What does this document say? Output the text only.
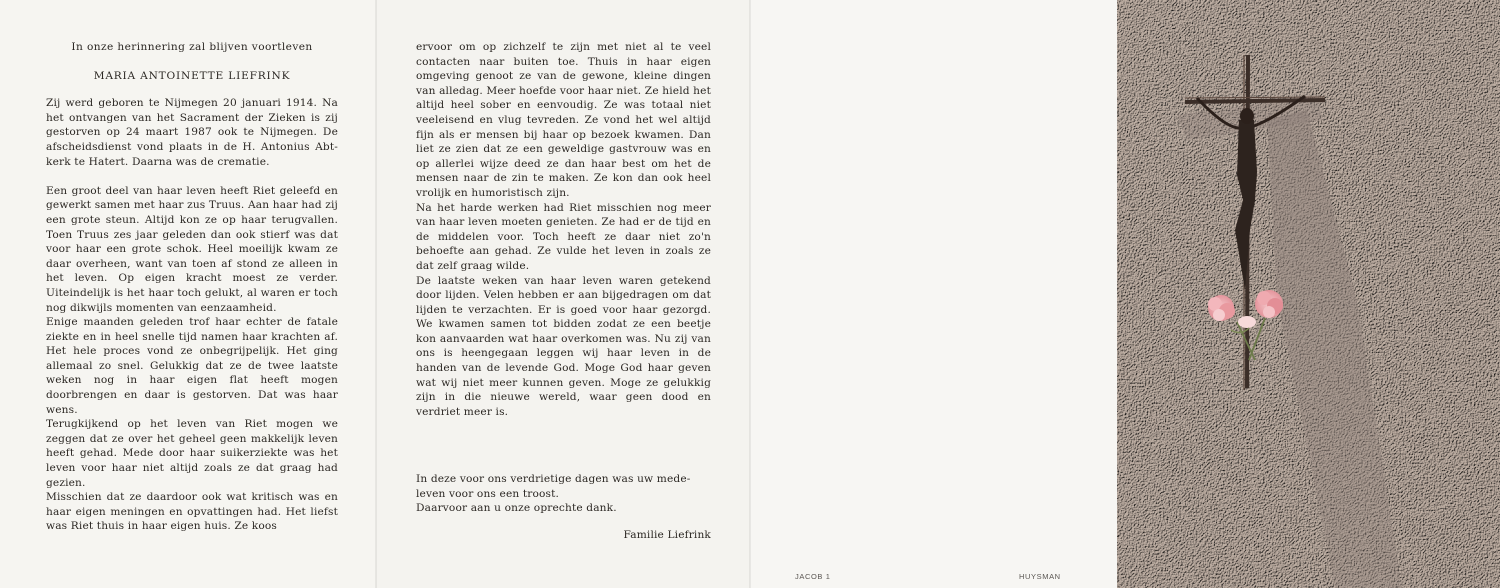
In onze herinnering zal blijven voortleven

MARIA ANTOINETTE LIEFRINK

Zij werd geboren te Nijmegen 20 januari 1914. Na het ontvangen van het Sacrament der Zieken is zij gestorven op 24 maart 1987 ook te Nijmegen. De afscheidsdienst vond plaats in de H. Antonius Abt-kerk te Hatert. Daarna was de crematie.

Een groot deel van haar leven heeft Riet geleefd en gewerkt samen met haar zus Truus. Aan haar had zij een grote steun. Altijd kon ze op haar terugvallen. Toen Truus zes jaar geleden dan ook stierf was dat voor haar een grote schok. Heel moeilijk kwam ze daar overheen, want van toen af stond ze alleen in het leven. Op eigen kracht moest ze verder. Uiteindelijk is het haar toch gelukt, al waren er toch nog dikwijls momenten van eenzaamheid.

Enige maanden geleden trof haar echter de fatale ziekte en in heel snelle tijd namen haar krachten af. Het hele proces vond ze onbegrijpelijk. Het ging allemaal zo snel. Gelukkig dat ze de twee laatste weken nog in haar eigen flat heeft mogen doorbrengen en daar is gestorven. Dat was haar wens.

Terugkijkend op het leven van Riet mogen we zeggen dat ze over het geheel geen makkelijk leven heeft gehad. Mede door haar suikerziekte was het leven voor haar niet altijd zoals ze dat graag had gezien.

Misschien dat ze daardoor ook wat kritisch was en haar eigen meningen en opvattingen had. Het liefst was Riet thuis in haar eigen huis. Ze koos

ervoor om op zichzelf te zijn met niet al te veel contacten naar buiten toe. Thuis in haar eigen omgeving genoot ze van de gewone, kleine dingen van alledag. Meer hoefde voor haar niet. Ze hield het altijd heel sober en eenvoudig. Ze was totaal niet veeleisend en vlug tevreden. Ze vond het wel altijd fijn als er mensen bij haar op bezoek kwamen. Dan liet ze zien dat ze een geweldige gastvrouw was en op allerlei wijze deed ze dan haar best om het de mensen naar de zin te maken. Ze kon dan ook heel vrolijk en humoristisch zijn.

Na het harde werken had Riet misschien nog meer van haar leven moeten genieten. Ze had er de tijd en de middelen voor. Toch heeft ze daar niet zo'n behoefte aan gehad. Ze vulde het leven in zoals ze dat zelf graag wilde.

De laatste weken van haar leven waren getekend door lijden. Velen hebben er aan bijgedragen om dat lijden te verzachten. Er is goed voor haar gezorgd. We kwamen samen tot bidden zodat ze een beetje kon aanvaarden wat haar overkomen was. Nu zij van ons is heengegaan leggen wij haar leven in de handen van de levende God. Moge God haar geven wat wij niet meer kunnen geven. Moge ze gelukkig zijn in die nieuwe wereld, waar geen dood en verdriet meer is.

In deze voor ons verdrietige dagen was uw mede-

leven voor ons een troost.

Daarvoor aan u onze oprechte dank.

Familie Liefrink
JACOB 1	HUYSMAN
